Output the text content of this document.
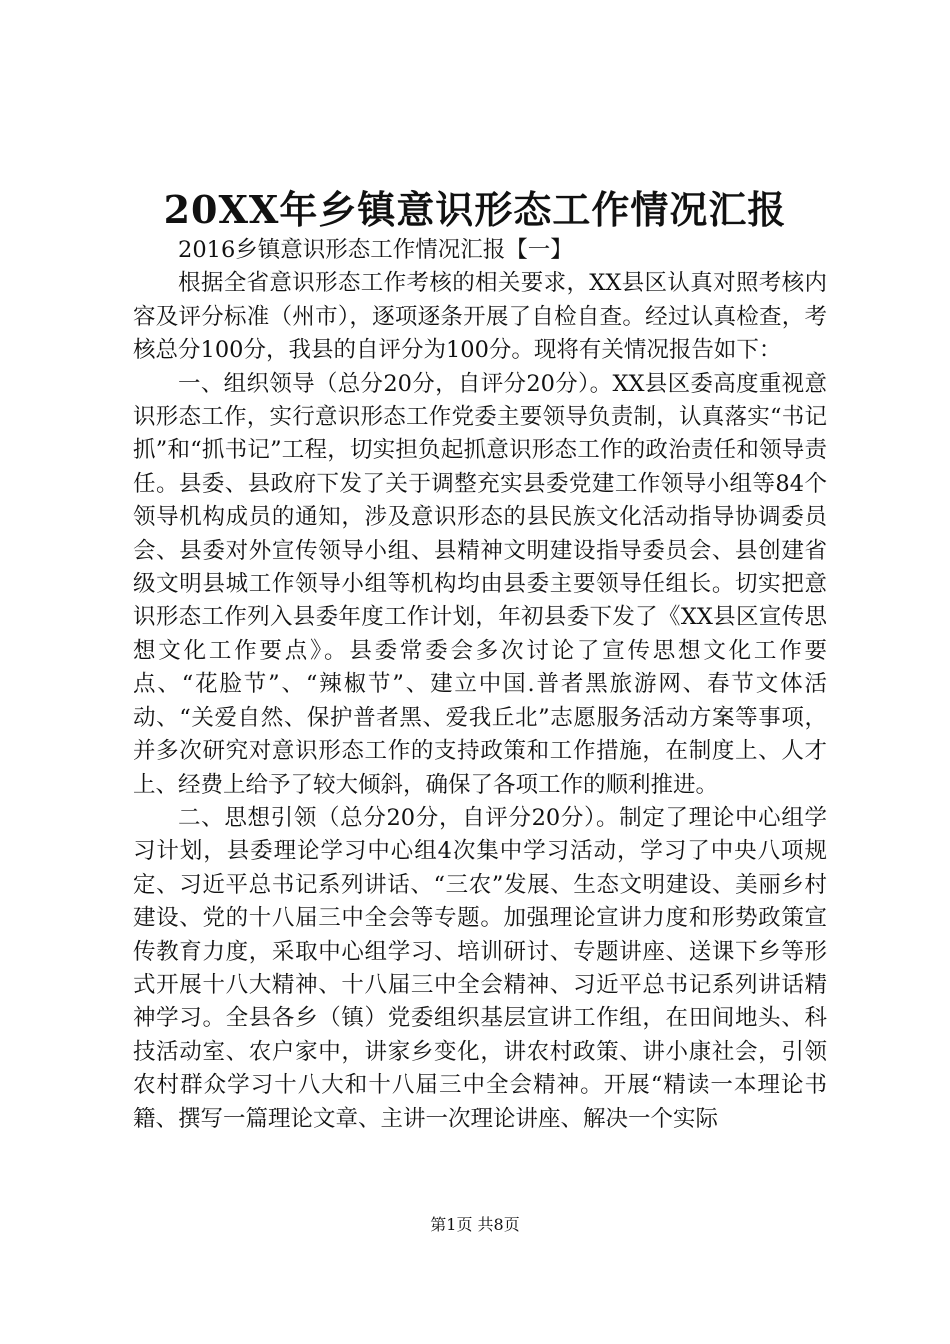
20XX年乡镇意识形态工作情况汇报

2016乡镇意识形态工作情况汇报【一】

根据全省意识形态工作考核的相关要求，XX县区认真对照考核内容及评分标准（州市），逐项逐条开展了自检自查。经过认真检查，考核总分100分，我县的自评分为100分。现将有关情况报告如下：

一、组织领导（总分20分，自评分20分）。XX县区委高度重视意识形态工作，实行意识形态工作党委主要领导负责制，认真落实“书记抓”和“抓书记”工程，切实担负起抓意识形态工作的政治责任和领导责任。县委、县政府下发了关于调整充实县委党建工作领导小组等84个领导机构成员的通知，涉及意识形态的县民族文化活动指导协调委员会、县委对外宣传领导小组、县精神文明建设指导委员会、县创建省级文明县城工作领导小组等机构均由县委主要领导任组长。切实把意识形态工作列入县委年度工作计划，年初县委下发了《XX县区宣传思想文化工作要点》。县委常委会多次讨论了宣传思想文化工作要点、“花脸节”、“辣椒节”、建立中国.普者黑旅游网、春节文体活动、“关爱自然、保护普者黑、爱我丘北”志愿服务活动方案等事项，并多次研究对意识形态工作的支持政策和工作措施，在制度上、人才上、经费上给予了较大倾斜，确保了各项工作的顺利推进。

二、思想引领（总分20分，自评分20分）。制定了理论中心组学习计划，县委理论学习中心组4次集中学习活动，学习了中央八项规定、习近平总书记系列讲话、“三农”发展、生态文明建设、美丽乡村建设、党的十八届三中全会等专题。加强理论宣讲力度和形势政策宣传教育力度，采取中心组学习、培训研讨、专题讲座、送课下乡等形式开展十八大精神、十八届三中全会精神、习近平总书记系列讲话精神学习。全县各乡（镇）党委组织基层宣讲工作组，在田间地头、科技活动室、农户家中，讲家乡变化，讲农村政策、讲小康社会，引领农村群众学习十八大和十八届三中全会精神。开展“精读一本理论书籍、撰写一篇理论文章、主讲一次理论讲座、解决一个实际

第1页 共8页
